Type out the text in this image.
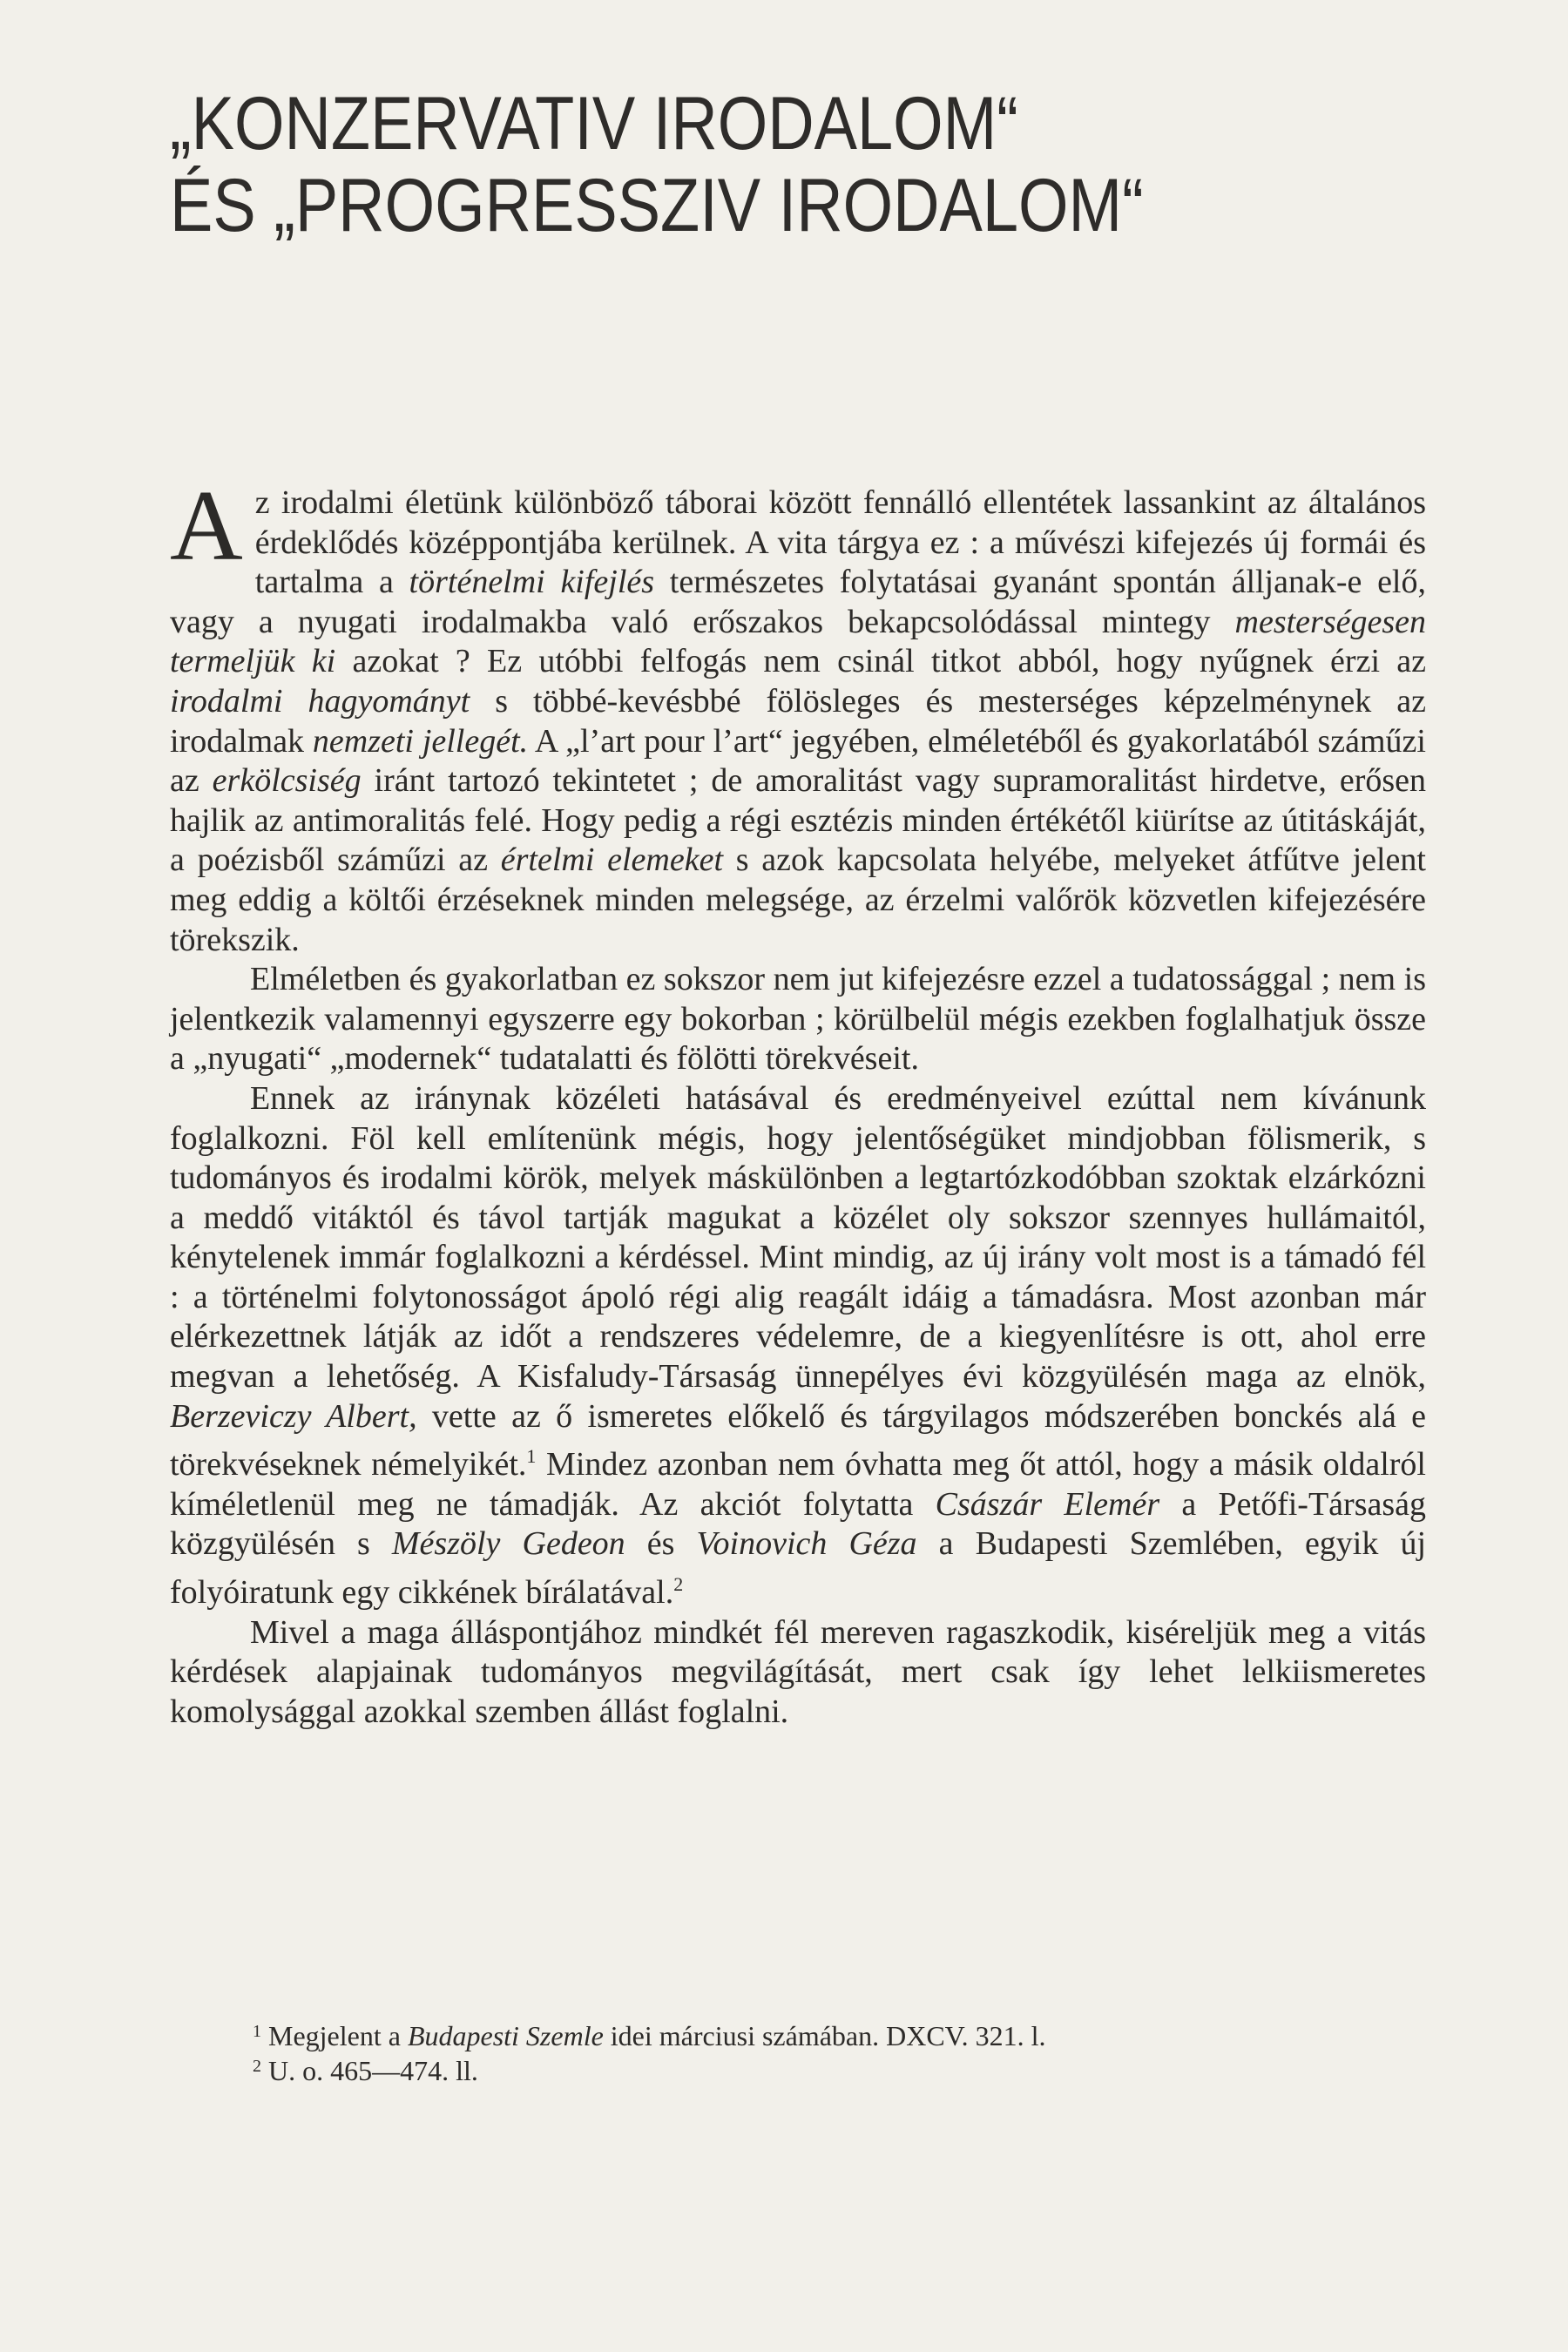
„KONZERVATIV IRODALOM“
ÉS „PROGRESSZIV IRODALOM“

Az irodalmi életünk különböző táborai között fennálló ellentétek lassankint az általános érdeklődés középpontjába kerülnek. A vita tárgya ez : a művészi kifejezés új formái és tartalma a történelmi kifejlés természetes folytatásai gyanánt spontán álljanak-e elő, vagy a nyugati irodalmakba való erőszakos bekapcsolódással mintegy mesterségesen termeljük ki azokat ? Ez utóbbi felfogás nem csinál titkot abból, hogy nyűgnek érzi az irodalmi hagyományt s többé-kevésbbé fölösleges és mesterséges képzelménynek az irodalmak nemzeti jellegét. A „l’art pour l’art“ jegyében, elméletéből és gyakorlatából száműzi az erkölcsiség iránt tartozó tekintetet ; de amoralitást vagy supramoralitást hirdetve, erősen hajlik az antimoralitás felé. Hogy pedig a régi esztézis minden értékétől kiürítse az útitáskáját, a poézisből száműzi az értelmi elemeket s azok kapcsolata helyébe, melyeket átfűtve jelent meg eddig a költői érzéseknek minden melegsége, az érzelmi valőrök közvetlen kifejezésére törekszik.

Elméletben és gyakorlatban ez sokszor nem jut kifejezésre ezzel a tudatossággal ; nem is jelentkezik valamennyi egyszerre egy bokorban ; körülbelül mégis ezekben foglalhatjuk össze a „nyugati“ „modernek“ tudatalatti és fölötti törekvéseit.

Ennek az iránynak közéleti hatásával és eredményeivel ezúttal nem kívánunk foglalkozni. Föl kell említenünk mégis, hogy jelentőségüket mindjobban fölismerik, s tudományos és irodalmi körök, melyek máskülönben a legtartózkodóbban szoktak elzárkózni a meddő vitáktól és távol tartják magukat a közélet oly sokszor szennyes hullámaitól, kénytelenek immár foglalkozni a kérdéssel. Mint mindig, az új irány volt most is a támadó fél : a történelmi folytonosságot ápoló régi alig reagált idáig a támadásra. Most azonban már elérkezettnek látják az időt a rendszeres védelemre, de a kiegyenlítésre is ott, ahol erre megvan a lehetőség. A Kisfaludy-Társaság ünnepélyes évi közgyülésén maga az elnök, Berzeviczy Albert, vette az ő ismeretes előkelő és tárgyilagos módszerében bonckés alá e törekvéseknek némelyikét.$^1$ Mindez azonban nem óvhatta meg őt attól, hogy a másik oldalról kíméletlenül meg ne támadják. Az akciót folytatta Császár Elemér a Petőfi-Társaság közgyülésén s Mészöly Gedeon és Voinovich Géza a Budapesti Szemlében, egyik új folyóiratunk egy cikkének bírálatával.$^2$

Mivel a maga álláspontjához mindkét fél mereven ragaszkodik, kiséreljük meg a vitás kérdések alapjainak tudományos megvilágítását, mert csak így lehet lelkiismeretes komolysággal azokkal szemben állást foglalni.

$^1$ Megjelent a Budapesti Szemle idei márciusi számában. DXCV. 321. l.
$^2$ U. o. 465—474. ll.
